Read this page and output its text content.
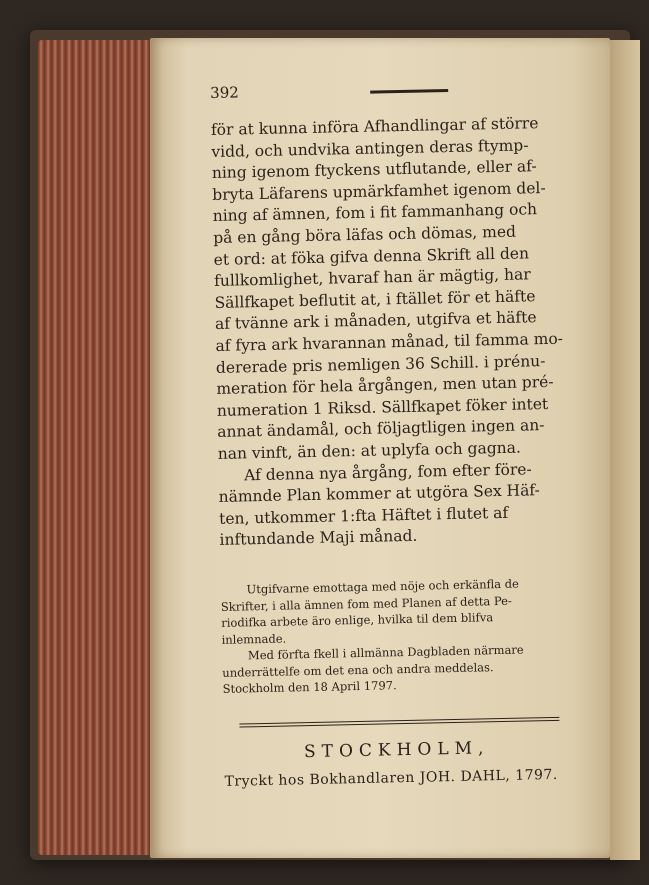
392
för at kunna införa Afhandlingar af större
vidd, och undvika antingen deras ftymp-
ning igenom ftyckens utflutande, eller af-
bryta Läfarens upmärkfamhet igenom del-
ning af ämnen, fom i fit fammanhang och
på en gång böra läfas och dömas, med
et ord: at föka gifva denna Skrift all den
fullkomlighet, hvaraf han är mägtig, har
Sällfkapet beflutit at, i ftället för et häfte
af tvänne ark i månaden, utgifva et häfte
af fyra ark hvarannan månad, til famma mo-
dererade pris nemligen 36 Schill. i prénu-
meration för hela årgången, men utan pré-
numeration 1 Riksd. Sällfkapet föker intet
annat ändamål, och följagtligen ingen an-
nan vinft, än den: at uplyfa och gagna.
Af denna nya årgång, fom efter före-
nämnde Plan kommer at utgöra Sex Häf-
ten, utkommer 1:fta Häftet i flutet af
inftundande Maji månad.
Utgifvarne emottaga med nöje och erkänfla de
Skrifter, i alla ämnen fom med Planen af detta Pe-
riodifka arbete äro enlige, hvilka til dem blifva
inlemnade.
Med förfta fkell i allmänna Dagbladen närmare
underrättelfe om det ena och andra meddelas.
Stockholm den 18 April 1797.
STOCKHOLM,
Tryckt hos Bokhandlaren JOH. DAHL, 1797.
